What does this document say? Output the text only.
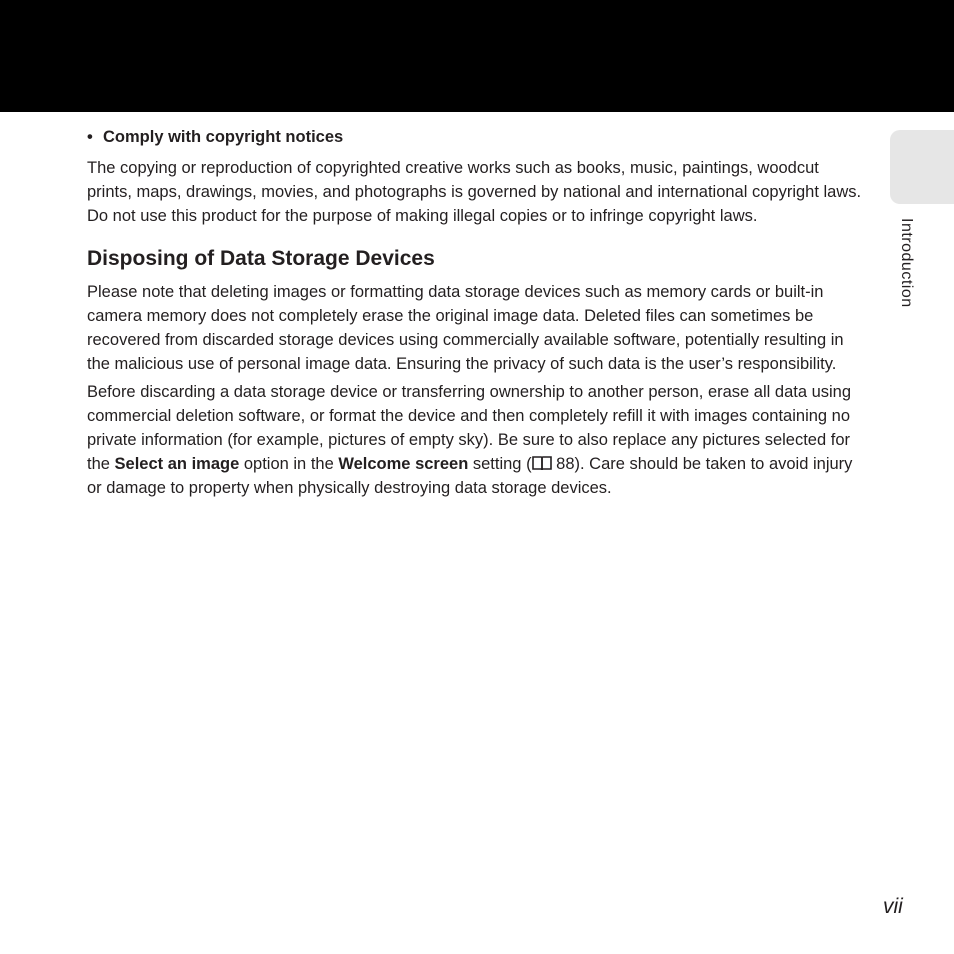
Introduction
• Comply with copyright notices

The copying or reproduction of copyrighted creative works such as books, music, paintings, woodcut prints, maps, drawings, movies, and photographs is governed by national and international copyright laws. Do not use this product for the purpose of making illegal copies or to infringe copyright laws.

Disposing of Data Storage Devices

Please note that deleting images or formatting data storage devices such as memory cards or built-in camera memory does not completely erase the original image data. Deleted files can sometimes be recovered from discarded storage devices using commercially available software, potentially resulting in the malicious use of personal image data. Ensuring the privacy of such data is the user’s responsibility.

Before discarding a data storage device or transferring ownership to another person, erase all data using commercial deletion software, or format the device and then completely refill it with images containing no private information (for example, pictures of empty sky). Be sure to also replace any pictures selected for the Select an image option in the Welcome screen setting ( 88). Care should be taken to avoid injury or damage to property when physically destroying data storage devices.

vii
